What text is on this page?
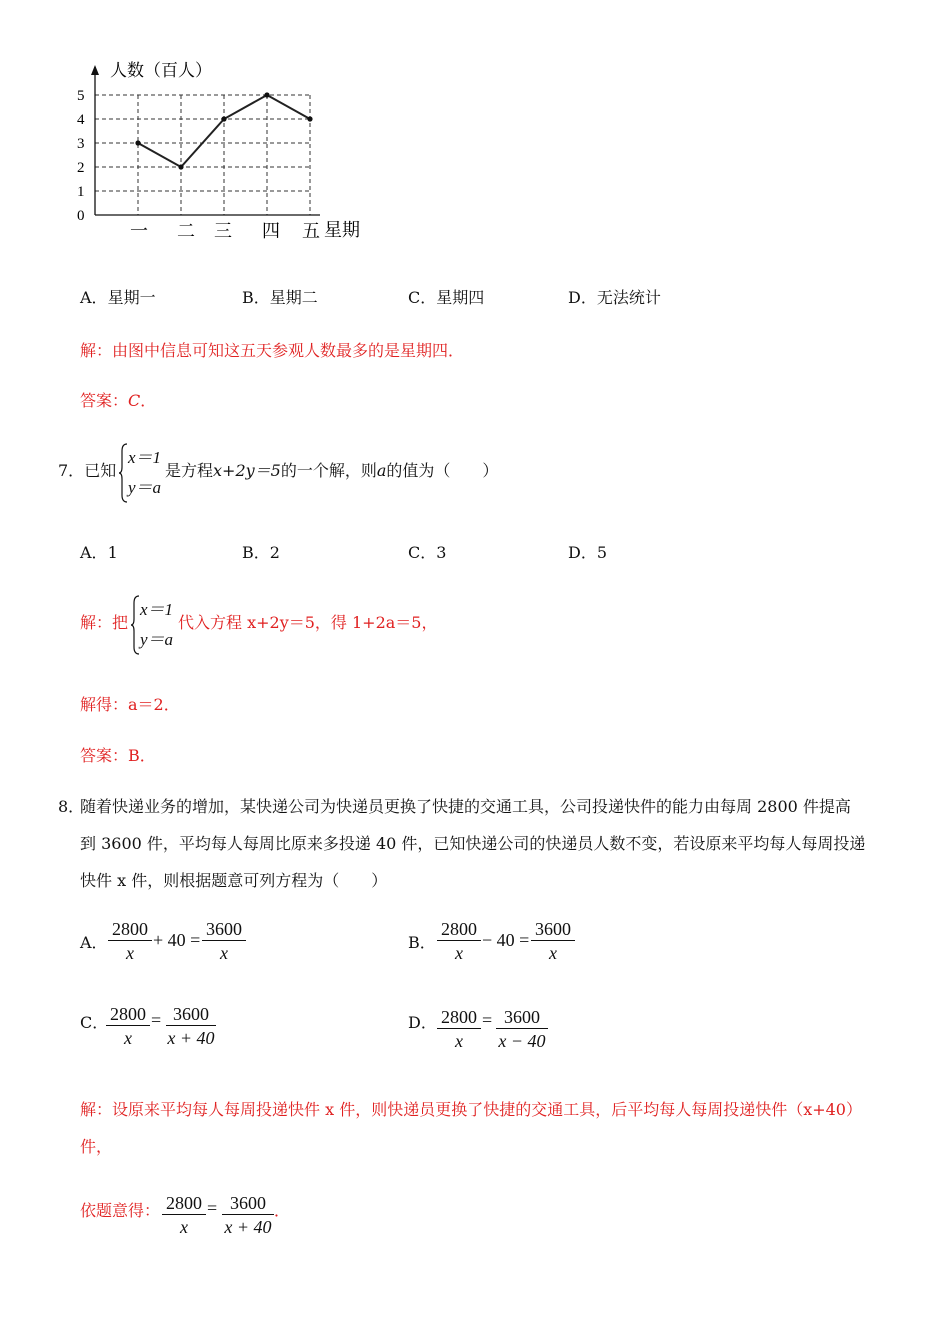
0
1
2
3
4
5
一 二 三 四 五
人数（百人）
星期
A．星期一	B．星期二	C．星期四	D．无法统计
解：由图中信息可知这五天参观人数最多的是星期四．
答案：C．
7．已知
x＝1
y＝a
是方程x+2y＝5的一个解，则a的值为（　　）
A．1	B．2	C．3	D．5
解：把
x＝1
y＝a
代入方程 x+2y＝5，得 1+2a＝5，
解得：a＝2．
答案：B．
8．
随着快递业务的增加，某快递公司为快递员更换了快捷的交通工具，公司投递快件的能力由每周 2800 件提高
到 3600 件，平均每人每周比原来多投递 40 件，已知快递公司的快递员人数不变，若设原来平均每人每周投递
快件 x 件，则根据题意可列方程为（　　）
A． $\frac{2800}{x} + 40 = \frac{3600}{x}$	B． $\frac{2800}{x} - 40 = \frac{3600}{x}$
C．
$\frac{2800}{x} = \frac{3600}{x + 40}$	D． $\frac{2800}{x} = \frac{3600}{x - 40}$
解：设原来平均每人每周投递快件 x 件，则快递员更换了快捷的交通工具，后平均每人每周投递快件（x+40）
件，
依题意得： $\frac{2800}{x} = \frac{3600}{x + 40}$ ．
